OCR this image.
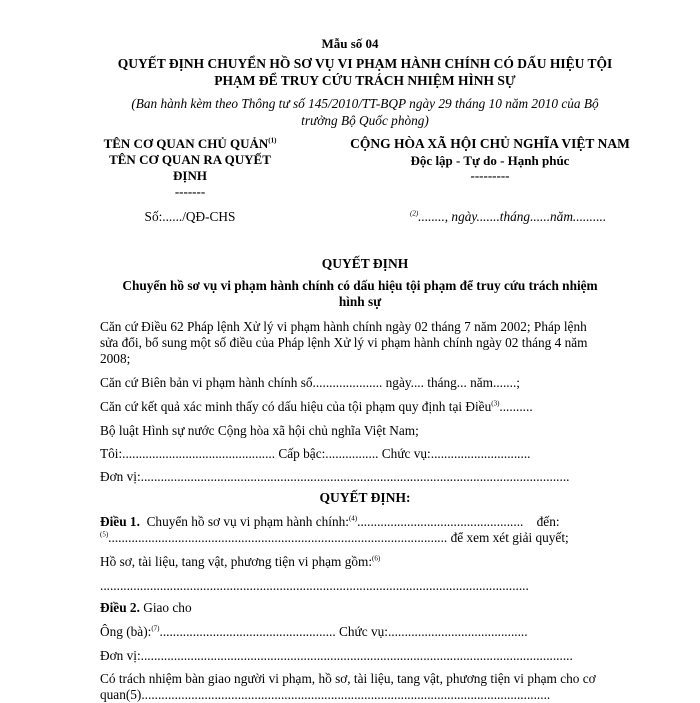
Mẫu số 04
QUYẾT ĐỊNH CHUYỂN HỒ SƠ VỤ VI PHẠM HÀNH CHÍNH CÓ DẤU HIỆU TỘI
PHẠM ĐỂ TRUY CỨU TRÁCH NHIỆM HÌNH SỰ
(Ban hành kèm theo Thông tư số 145/2010/TT-BQP ngày 29 tháng 10 năm 2010 của Bộ
trưởng Bộ Quốc phòng)
TÊN CƠ QUAN CHỦ QUẢN$^{(1)}$
TÊN CƠ QUAN RA QUYẾT
ĐỊNH
-------
Số:....../QĐ-CHS
CỘNG HÒA XÃ HỘI CHỦ NGHĨA VIỆT NAM
Độc lập - Tự do - Hạnh phúc
---------
$^{(2)}$........, ngày.......tháng......năm..........
QUYẾT ĐỊNH
Chuyển hồ sơ vụ vi phạm hành chính có dấu hiệu tội phạm để truy cứu trách nhiệm
hình sự
Căn cứ Điều 62 Pháp lệnh Xử lý vi phạm hành chính ngày 02 tháng 7 năm 2002; Pháp lệnh
sửa đổi, bổ sung một số điều của Pháp lệnh Xử lý vi phạm hành chính ngày 02 tháng 4 năm
2008;
Căn cứ Biên bản vi phạm hành chính số..................... ngày.... tháng... năm.......;
Căn cứ kết quả xác minh thấy có dấu hiệu của tội phạm quy định tại Điều$^{(3)}$..........
Bộ luật Hình sự nước Cộng hòa xã hội chủ nghĩa Việt Nam;
Tôi:.............................................. Cấp bậc:................ Chức vụ:..............................
Đơn vị:.................................................................................................................................
QUYẾT ĐỊNH:
Điều 1. Chuyển hồ sơ vụ vi phạm hành chính:$^{(4)}$.................................................. đến:
$^{(5)}$...................................................................................................... để xem xét giải quyết;
Hồ sơ, tài liệu, tang vật, phương tiện vi phạm gồm:$^{(6)}$
.................................................................................................................................
Điều 2. Giao cho
Ông (bà):$^{(7)}$..................................................... Chức vụ:..........................................
Đơn vị:..................................................................................................................................
Có trách nhiệm bàn giao người vi phạm, hồ sơ, tài liệu, tang vật, phương tiện vi phạm cho cơ
quan(5)...........................................................................................................................
